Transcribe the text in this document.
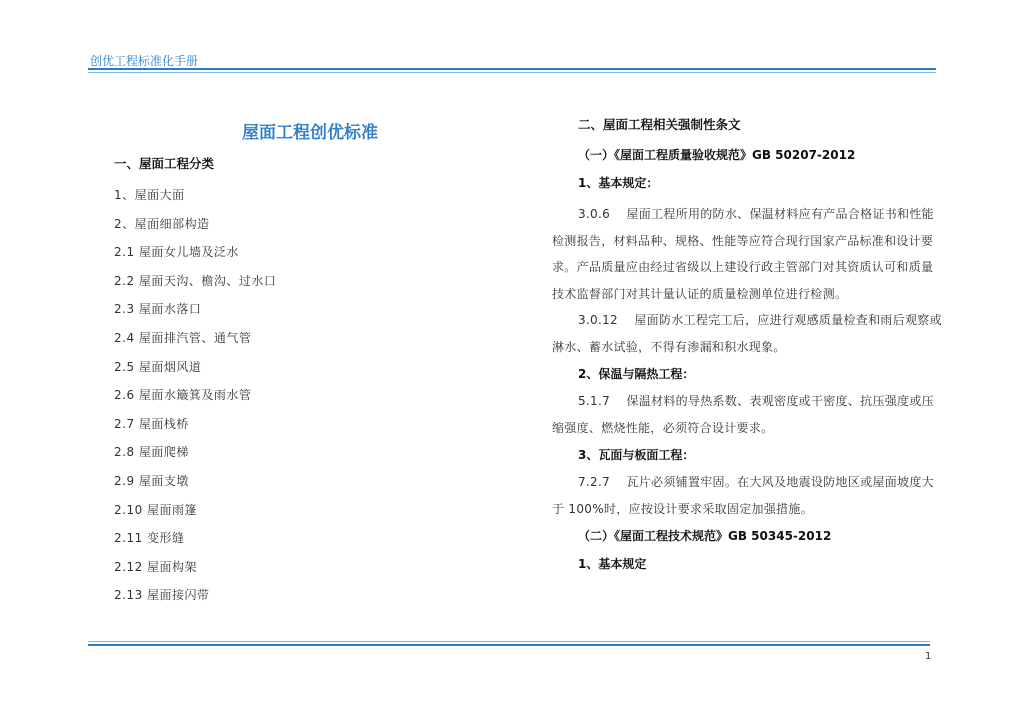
创优工程标准化手册
屋面工程创优标准
一、屋面工程分类
1、屋面大面
2、屋面细部构造
2.1 屋面女儿墙及泛水
2.2 屋面天沟、檐沟、过水口
2.3 屋面水落口
2.4 屋面排汽管、通气管
2.5 屋面烟风道
2.6 屋面水簸箕及雨水管
2.7 屋面栈桥
2.8 屋面爬梯
2.9 屋面支墩
2.10 屋面雨篷
2.11 变形缝
2.12 屋面构架
2.13 屋面接闪带
二、屋面工程相关强制性条文
（一）《屋面工程质量验收规范》GB 50207-2012
1、基本规定：
3.0.6　 屋面工程所用的防水、保温材料应有产品合格证书和性能检测报告，材料品种、规格、性能等应符合现行国家产品标准和设计要求。产品质量应由经过省级以上建设行政主管部门对其资质认可和质量技术监督部门对其计量认证的质量检测单位进行检测。
3.0.12　 屋面防水工程完工后，应进行观感质量检查和雨后观察或淋水、蓄水试验，不得有渗漏和积水现象。
2、保温与隔热工程：
5.1.7　 保温材料的导热系数、表观密度或干密度、抗压强度或压缩强度、燃烧性能，必须符合设计要求。
3、瓦面与板面工程：
7.2.7　 瓦片必须铺置牢固。在大风及地震设防地区或屋面坡度大于 100%时，应按设计要求采取固定加强措施。
（二）《屋面工程技术规范》GB 50345-2012
1、基本规定
1
